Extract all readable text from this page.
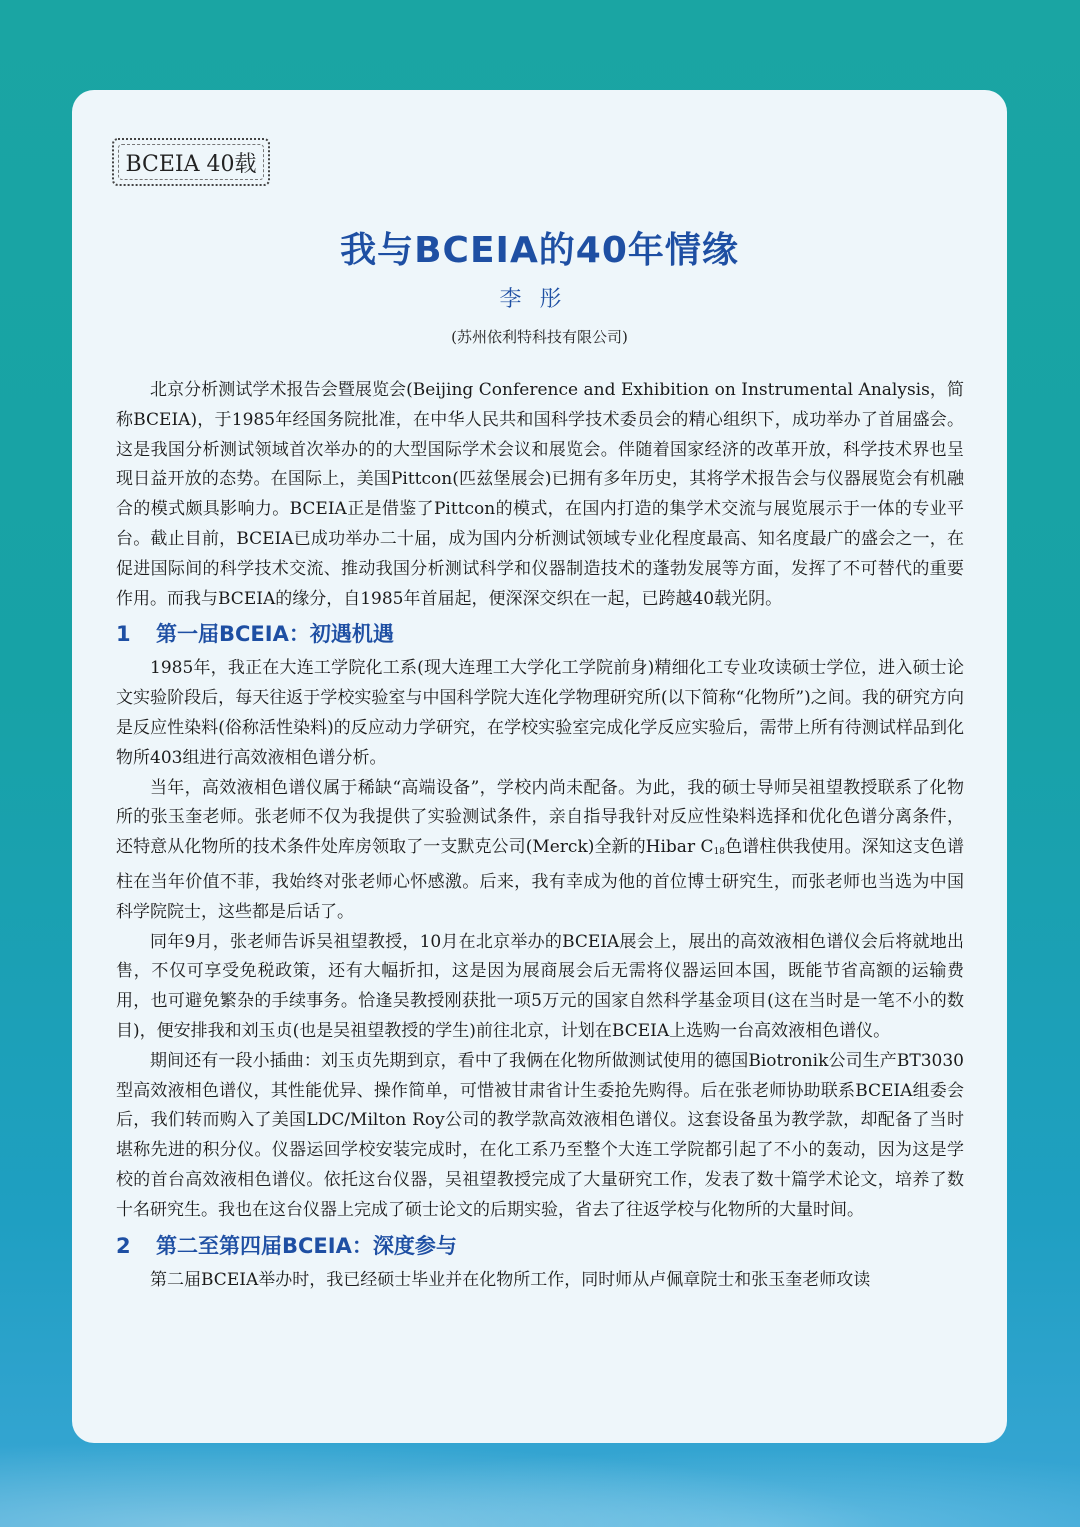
BCEIA 40载
我与BCEIA的40年情缘
李彤
(苏州依利特科技有限公司)

北京分析测试学术报告会暨展览会(Beijing Conference and Exhibition on Instrumental Analysis，简称BCEIA)，于1985年经国务院批准，在中华人民共和国科学技术委员会的精心组织下，成功举办了首届盛会。这是我国分析测试领域首次举办的的大型国际学术会议和展览会。伴随着国家经济的改革开放，科学技术界也呈现日益开放的态势。在国际上，美国Pittcon(匹兹堡展会)已拥有多年历史，其将学术报告会与仪器展览会有机融合的模式颇具影响力。BCEIA正是借鉴了Pittcon的模式，在国内打造的集学术交流与展览展示于一体的专业平台。截止目前，BCEIA已成功举办二十届，成为国内分析测试领域专业化程度最高、知名度最广的盛会之一，在促进国际间的科学技术交流、推动我国分析测试科学和仪器制造技术的蓬勃发展等方面，发挥了不可替代的重要作用。而我与BCEIA的缘分，自1985年首届起，便深深交织在一起，已跨越40载光阴。

1 第一届BCEIA：初遇机遇

1985年，我正在大连工学院化工系(现大连理工大学化工学院前身)精细化工专业攻读硕士学位，进入硕士论文实验阶段后，每天往返于学校实验室与中国科学院大连化学物理研究所(以下简称“化物所”)之间。我的研究方向是反应性染料(俗称活性染料)的反应动力学研究，在学校实验室完成化学反应实验后，需带上所有待测试样品到化物所403组进行高效液相色谱分析。

当年，高效液相色谱仪属于稀缺“高端设备”，学校内尚未配备。为此，我的硕士导师吴祖望教授联系了化物所的张玉奎老师。张老师不仅为我提供了实验测试条件，亲自指导我针对反应性染料选择和优化色谱分离条件，还特意从化物所的技术条件处库房领取了一支默克公司(Merck)全新的Hibar $C_{18}$色谱柱供我使用。深知这支色谱柱在当年价值不菲，我始终对张老师心怀感激。后来，我有幸成为他的首位博士研究生，而张老师也当选为中国科学院院士，这些都是后话了。

同年9月，张老师告诉吴祖望教授，10月在北京举办的BCEIA展会上，展出的高效液相色谱仪会后将就地出售，不仅可享受免税政策，还有大幅折扣，这是因为展商展会后无需将仪器运回本国，既能节省高额的运输费用，也可避免繁杂的手续事务。恰逢吴教授刚获批一项5万元的国家自然科学基金项目(这在当时是一笔不小的数目)，便安排我和刘玉贞(也是吴祖望教授的学生)前往北京，计划在BCEIA上选购一台高效液相色谱仪。

期间还有一段小插曲：刘玉贞先期到京，看中了我俩在化物所做测试使用的德国Biotronik公司生产BT3030型高效液相色谱仪，其性能优异、操作简单，可惜被甘肃省计生委抢先购得。后在张老师协助联系BCEIA组委会后，我们转而购入了美国LDC/Milton Roy公司的教学款高效液相色谱仪。这套设备虽为教学款，却配备了当时堪称先进的积分仪。仪器运回学校安装完成时，在化工系乃至整个大连工学院都引起了不小的轰动，因为这是学校的首台高效液相色谱仪。依托这台仪器，吴祖望教授完成了大量研究工作，发表了数十篇学术论文，培养了数十名研究生。我也在这台仪器上完成了硕士论文的后期实验，省去了往返学校与化物所的大量时间。

2 第二至第四届BCEIA：深度参与

第二届BCEIA举办时，我已经硕士毕业并在化物所工作，同时师从卢佩章院士和张玉奎老师攻读
